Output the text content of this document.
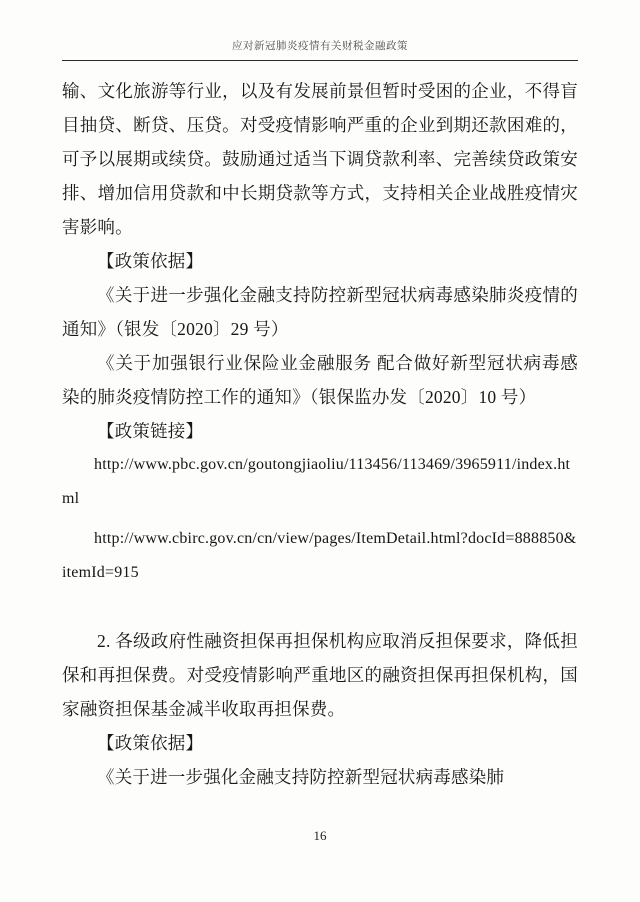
应对新冠肺炎疫情有关财税金融政策

输、文化旅游等行业，以及有发展前景但暂时受困的企业，不得盲目抽贷、断贷、压贷。对受疫情影响严重的企业到期还款困难的，可予以展期或续贷。鼓励通过适当下调贷款利率、完善续贷政策安排、增加信用贷款和中长期贷款等方式，支持相关企业战胜疫情灾害影响。

【政策依据】

《关于进一步强化金融支持防控新型冠状病毒感染肺炎疫情的通知》（银发〔2020〕29 号）

《关于加强银行业保险业金融服务 配合做好新型冠状病毒感染的肺炎疫情防控工作的通知》（银保监办发〔2020〕10 号）

【政策链接】

http://www.pbc.gov.cn/goutongjiaoliu/113456/113469/3965911/index.html

http://www.cbirc.gov.cn/cn/view/pages/ItemDetail.html?docId=888850&itemId=915

2. 各级政府性融资担保再担保机构应取消反担保要求，降低担保和再担保费。对受疫情影响严重地区的融资担保再担保机构，国家融资担保基金减半收取再担保费。

【政策依据】

《关于进一步强化金融支持防控新型冠状病毒感染肺

16
